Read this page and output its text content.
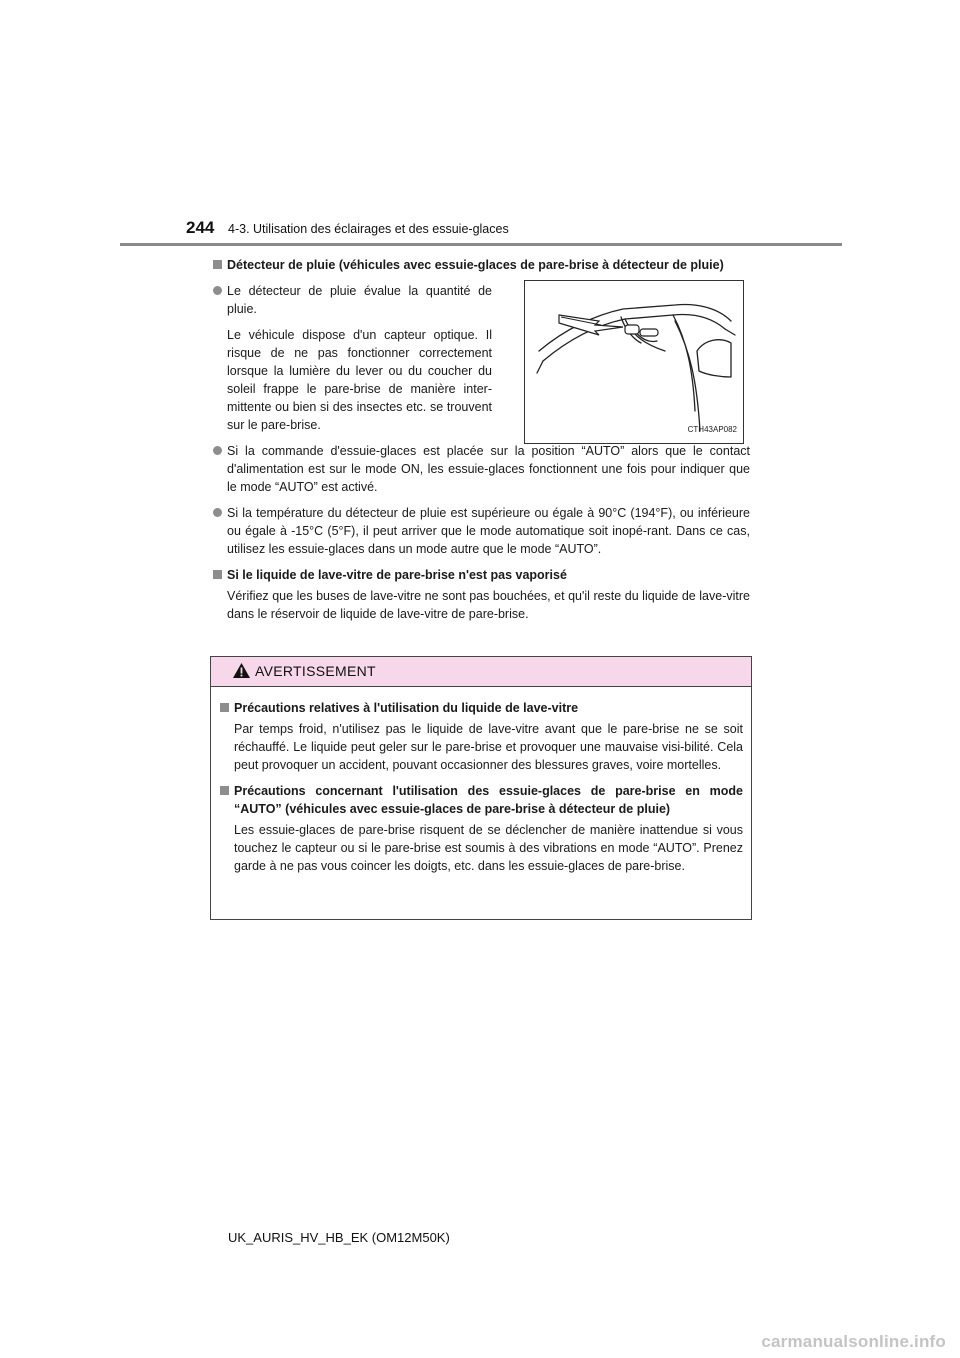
244 4-3. Utilisation des éclairages et des essuie-glaces
Détecteur de pluie (véhicules avec essuie-glaces de pare-brise à détecteur de pluie)
Le détecteur de pluie évalue la quantité de pluie.
Le véhicule dispose d'un capteur optique. Il risque de ne pas fonctionner correctement lorsque la lumière du lever ou du coucher du soleil frappe le pare-brise de manière inter-mittente ou bien si des insectes etc. se trouvent sur le pare-brise.	CTH43AP082
Si la commande d'essuie-glaces est placée sur la position “AUTO” alors que le contact d'alimentation est sur le mode ON, les essuie-glaces fonctionnent une fois pour indiquer que le mode “AUTO” est activé.
Si la température du détecteur de pluie est supérieure ou égale à 90°C (194°F), ou inférieure ou égale à -15°C (5°F), il peut arriver que le mode automatique soit inopé-rant. Dans ce cas, utilisez les essuie-glaces dans un mode autre que le mode “AUTO”.
Si le liquide de lave-vitre de pare-brise n'est pas vaporisé
Vérifiez que les buses de lave-vitre ne sont pas bouchées, et qu'il reste du liquide de lave-vitre dans le réservoir de liquide de lave-vitre de pare-brise.
AVERTISSEMENT
Précautions relatives à l'utilisation du liquide de lave-vitre
Par temps froid, n'utilisez pas le liquide de lave-vitre avant que le pare-brise ne se soit réchauffé. Le liquide peut geler sur le pare-brise et provoquer une mauvaise visi-bilité. Cela peut provoquer un accident, pouvant occasionner des blessures graves, voire mortelles.
Précautions concernant l'utilisation des essuie-glaces de pare-brise en mode “AUTO” (véhicules avec essuie-glaces de pare-brise à détecteur de pluie)
Les essuie-glaces de pare-brise risquent de se déclencher de manière inattendue si vous touchez le capteur ou si le pare-brise est soumis à des vibrations en mode “AUTO”. Prenez garde à ne pas vous coincer les doigts, etc. dans les essuie-glaces de pare-brise.
UK_AURIS_HV_HB_EK (OM12M50K)
carmanualsonline.info
